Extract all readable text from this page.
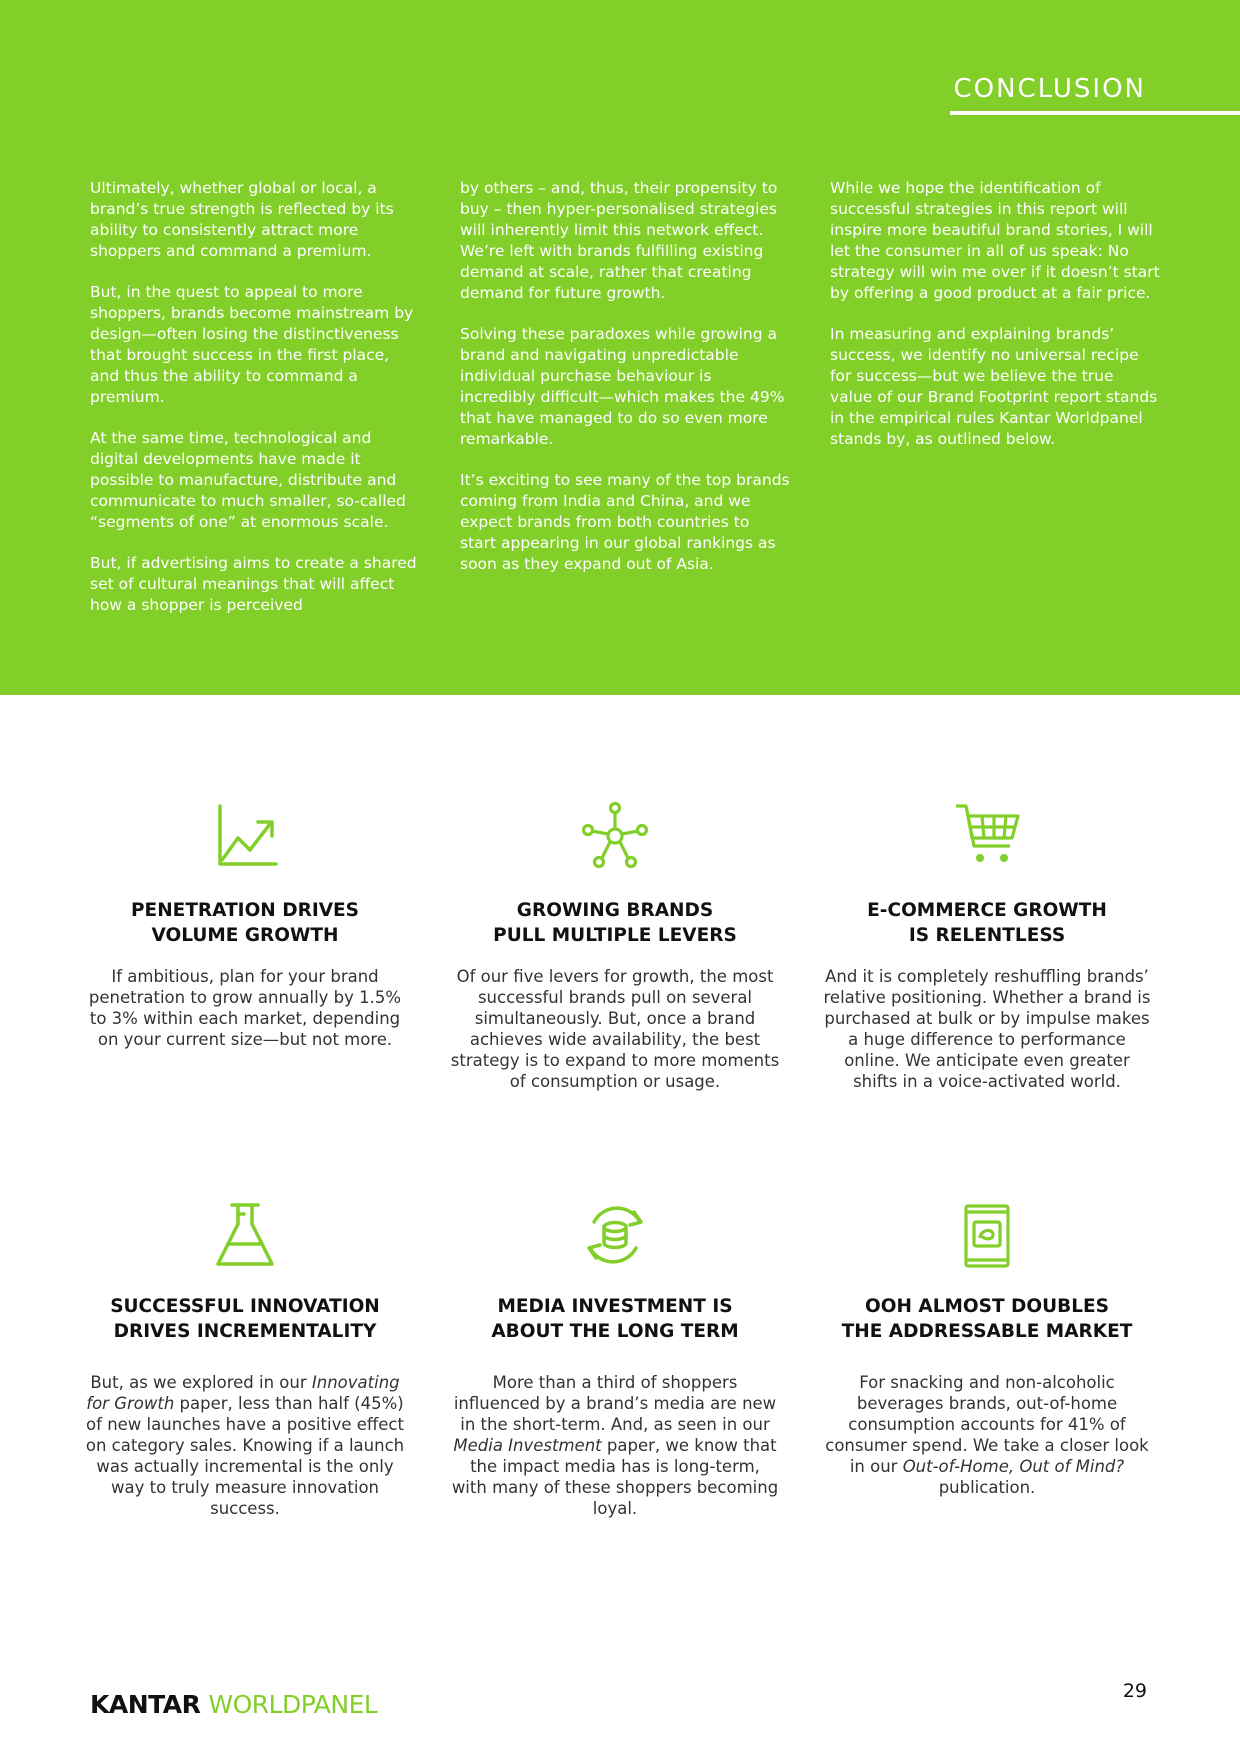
CONCLUSION

Ultimately, whether global or local, a brand’s true strength is reflected by its ability to consistently attract more shoppers and command a premium.

But, in the quest to appeal to more shoppers, brands become mainstream by design—often losing the distinctiveness that brought success in the first place, and thus the ability to command a premium.

At the same time, technological and digital developments have made it possible to manufacture, distribute and communicate to much smaller, so-called “segments of one” at enormous scale.

But, if advertising aims to create a shared set of cultural meanings that will affect how a shopper is perceived

by others – and, thus, their propensity to buy – then hyper-personalised strategies will inherently limit this network effect. We’re left with brands fulfilling existing demand at scale, rather that creating demand for future growth.

Solving these paradoxes while growing a brand and navigating unpredictable individual purchase behaviour is incredibly difficult—which makes the 49% that have managed to do so even more remarkable.

It’s exciting to see many of the top brands coming from India and China, and we expect brands from both countries to start appearing in our global rankings as soon as they expand out of Asia.

While we hope the identification of successful strategies in this report will inspire more beautiful brand stories, I will let the consumer in all of us speak: No strategy will win me over if it doesn’t start by offering a good product at a fair price.

In measuring and explaining brands’ success, we identify no universal recipe for success—but we believe the true value of our Brand Footprint report stands in the empirical rules Kantar Worldpanel stands by, as outlined below.

PENETRATION DRIVES
VOLUME GROWTH
If ambitious, plan for your brand penetration to grow annually by 1.5% to 3% within each market, depending on your current size—but not more.
GROWING BRANDS
PULL MULTIPLE LEVERS
Of our five levers for growth, the most successful brands pull on several simultaneously. But, once a brand achieves wide availability, the best strategy is to expand to more moments of consumption or usage.
E-COMMERCE GROWTH
IS RELENTLESS
And it is completely reshuffling brands’ relative positioning. Whether a brand is purchased at bulk or by impulse makes a huge difference to performance online. We anticipate even greater shifts in a voice-activated world.
SUCCESSFUL INNOVATION
DRIVES INCREMENTALITY
But, as we explored in our Innovating for Growth paper, less than half (45%) of new launches have a positive effect on category sales. Knowing if a launch was actually incremental is the only way to truly measure innovation success.
MEDIA INVESTMENT IS
ABOUT THE LONG TERM
More than a third of shoppers influenced by a brand’s media are new in the short-term. And, as seen in our Media Investment paper, we know that the impact media has is long-term, with many of these shoppers becoming loyal.
OOH ALMOST DOUBLES
THE ADDRESSABLE MARKET
For snacking and non-alcoholic beverages brands, out-of-home consumption accounts for 41% of consumer spend. We take a closer look in our Out-of-Home, Out of Mind? publication.
KANTAR WORLDPANEL	29
